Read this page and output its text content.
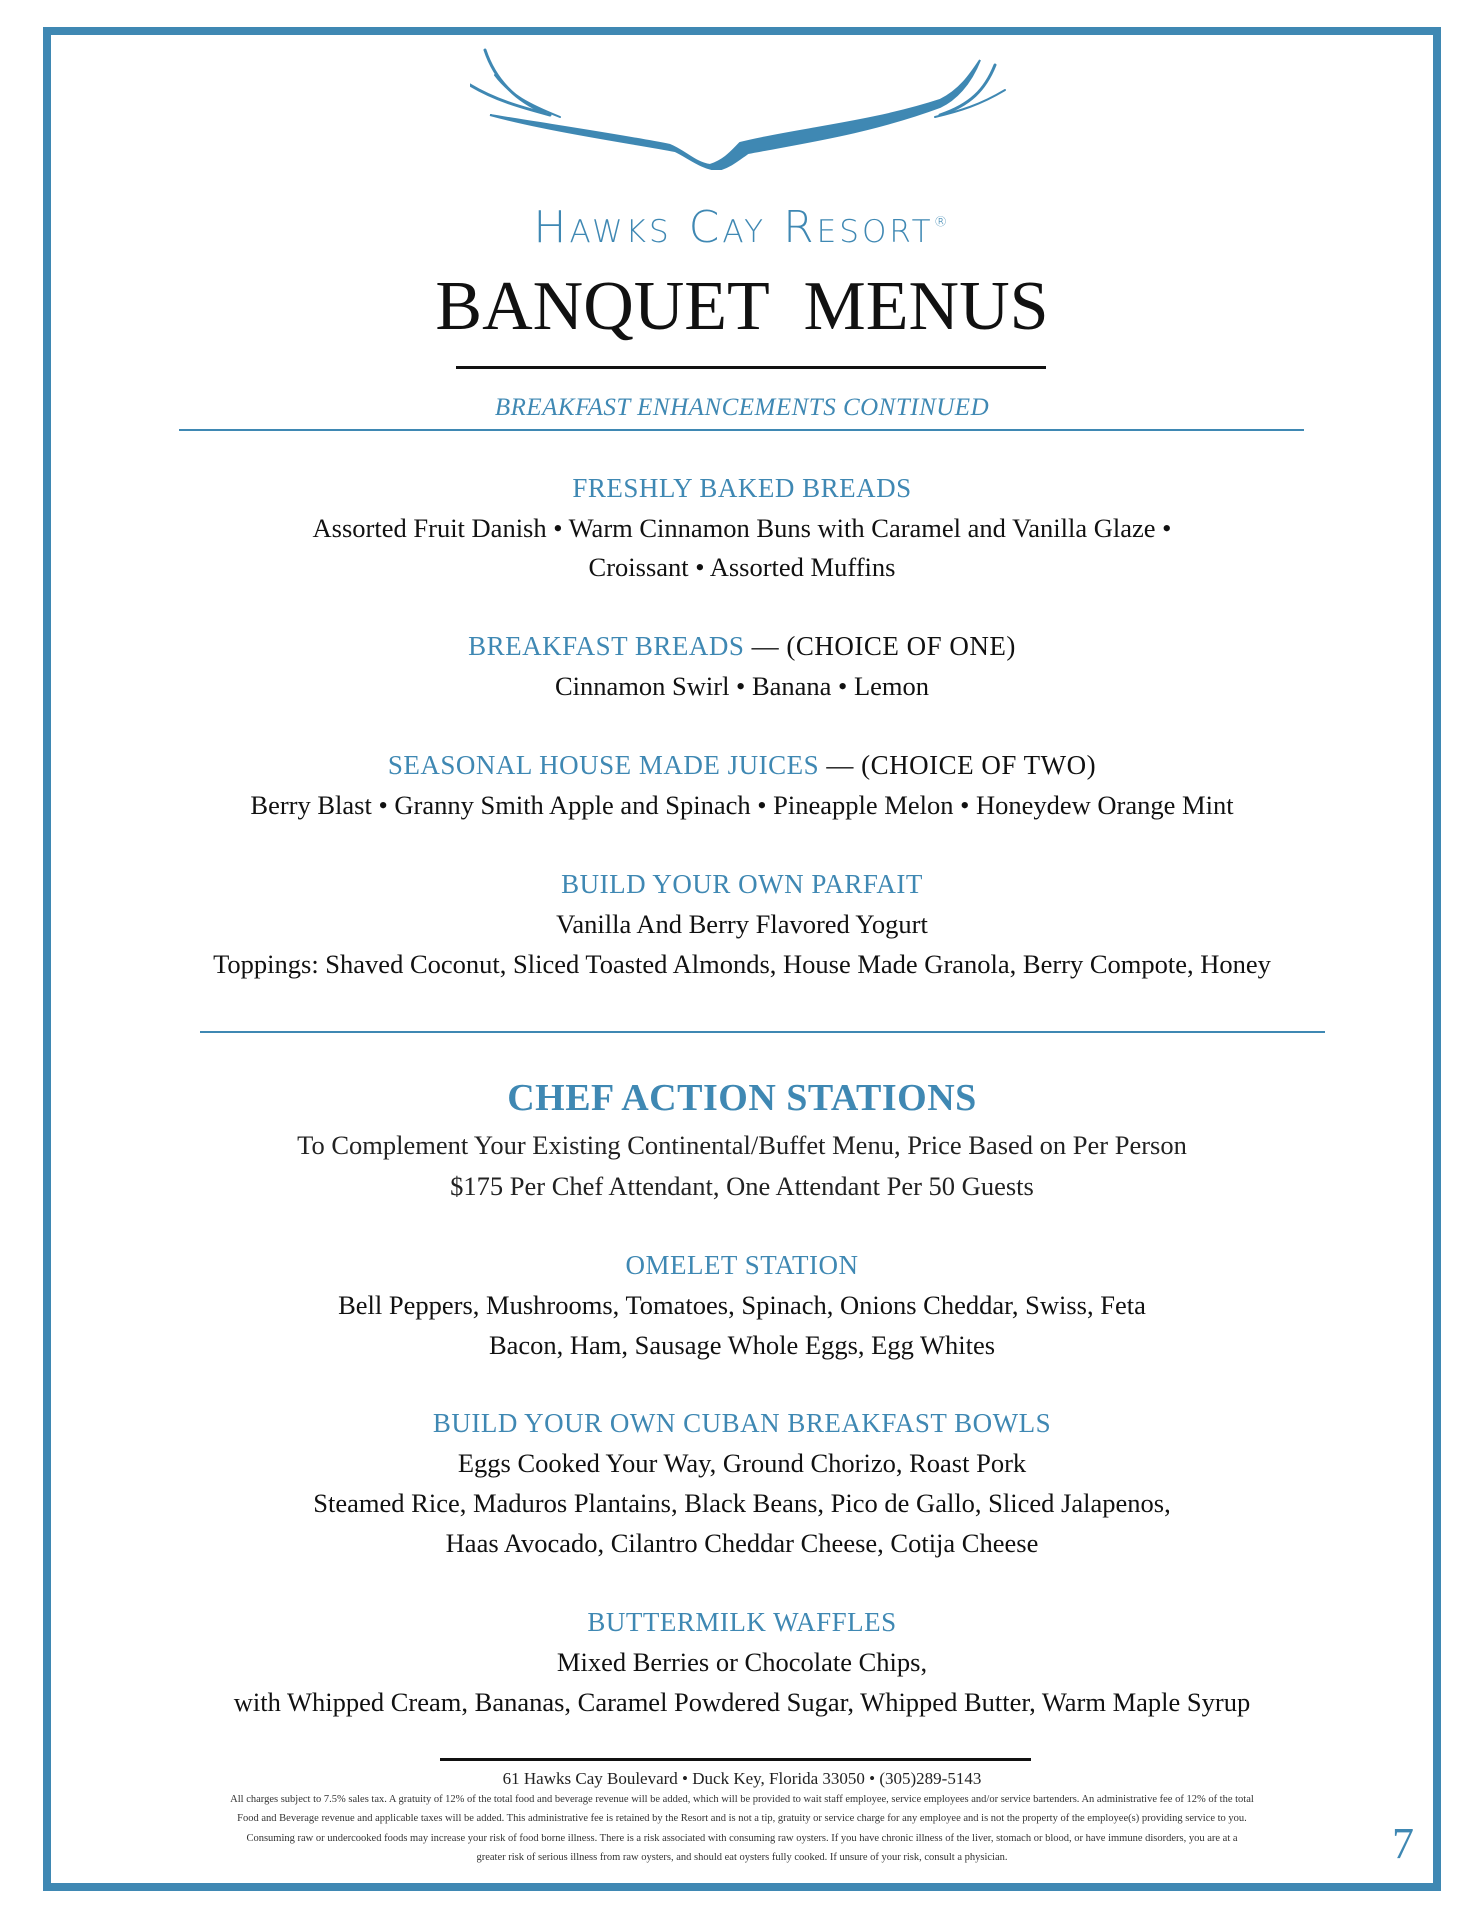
Hawks Cay Resort®
BANQUET  MENUS
BREAKFAST ENHANCEMENTS CONTINUED
FRESHLY BAKED BREADS
Assorted Fruit Danish • Warm Cinnamon Buns with Caramel and Vanilla Glaze •
Croissant • Assorted Muffins
BREAKFAST BREADS — (CHOICE OF ONE)
Cinnamon Swirl • Banana • Lemon
SEASONAL HOUSE MADE JUICES — (CHOICE OF TWO)
Berry Blast • Granny Smith Apple and Spinach • Pineapple Melon • Honeydew Orange Mint
BUILD YOUR OWN PARFAIT
Vanilla And Berry Flavored Yogurt
Toppings: Shaved Coconut, Sliced Toasted Almonds, House Made Granola, Berry Compote, Honey
CHEF ACTION STATIONS
To Complement Your Existing Continental/Buffet Menu, Price Based on Per Person
$175 Per Chef Attendant, One Attendant Per 50 Guests
OMELET STATION
Bell Peppers, Mushrooms, Tomatoes, Spinach, Onions Cheddar, Swiss, Feta
Bacon, Ham, Sausage Whole Eggs, Egg Whites
BUILD YOUR OWN CUBAN BREAKFAST BOWLS
Eggs Cooked Your Way, Ground Chorizo, Roast Pork
Steamed Rice, Maduros Plantains, Black Beans, Pico de Gallo, Sliced Jalapenos,
Haas Avocado, Cilantro Cheddar Cheese, Cotija Cheese
BUTTERMILK WAFFLES
Mixed Berries or Chocolate Chips,
with Whipped Cream, Bananas, Caramel Powdered Sugar, Whipped Butter, Warm Maple Syrup
61 Hawks Cay Boulevard • Duck Key, Florida 33050 • (305)289-5143
All charges subject to 7.5% sales tax. A gratuity of 12% of the total food and beverage revenue will be added, which will be provided to wait staff employee, service employees and/or service bartenders. An administrative fee of 12% of the total
Food and Beverage revenue and applicable taxes will be added. This administrative fee is retained by the Resort and is not a tip, gratuity or service charge for any employee and is not the property of the employee(s) providing service to you.
Consuming raw or undercooked foods may increase your risk of food borne illness. There is a risk associated with consuming raw oysters. If you have chronic illness of the liver, stomach or blood, or have immune disorders, you are at a
greater risk of serious illness from raw oysters, and should eat oysters fully cooked. If unsure of your risk, consult a physician.	7
